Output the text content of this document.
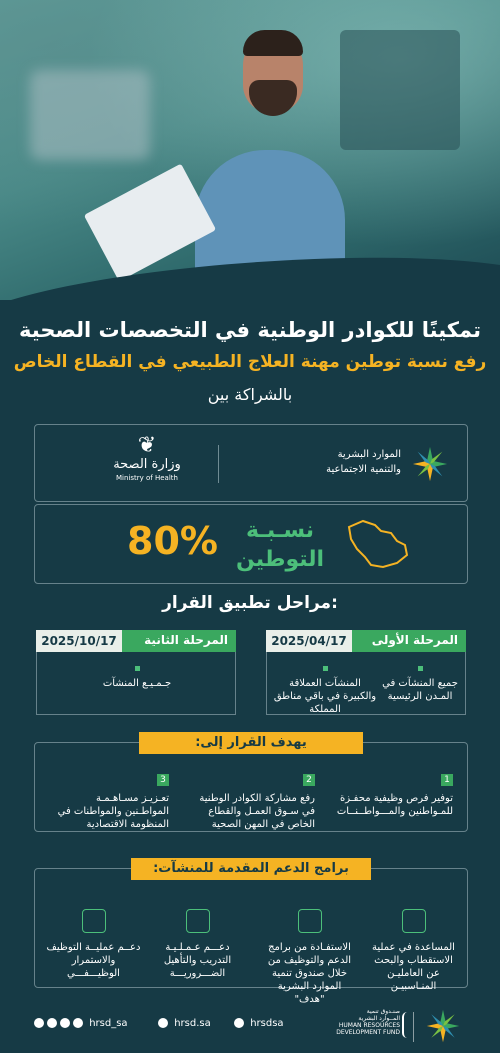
تمكينًا للكوادر الوطنية في التخصصات الصحية
رفع نسبة توطين مهنة العلاج الطبيعي في القطاع الخاص
بالشراكة بين
الموارد البشرية
والتنمية الاجتماعية
❦
وزارة الصحة
Ministry of Health
80%	نسـبـة
التوطين
مراحل تطبيق القرار:
المرحلة الأولى
2025/04/17
جميع المنشآت في المـدن الرئيسية
المنشآت العملاقة والكبيرة في باقي مناطق المملكة
المرحلة الثانية
2025/10/17
جـمـيـع المنشآت
يهدف القرار إلى:
1
توفير فرص وظيفية محفـزة للمـواطنين والمـــواطــنــات
2
رفع مشاركة الكوادر الوطنية في سـوق العمـل والقطاع الخاص في المهن الصحية
3
تعـزيـز مسـاهـمـة المواطـنين والمواطنات في المنظومة الاقتصادية
برامج الدعم المقدمة للمنشآت:
المساعدة في عملية الاستقطاب والبحث عن العامليـن المنـاسبيـن
الاستفـادة من برامج الدعم والتوظيف من خلال صندوق تنمية الموارد البشرية "هدف"
دعـــم عـمـلـيـة التدريب والتأهيل الضـــروريـــة
دعــم عمليــة التوظيف والاستمرار الوظيـــفـــي
hrsd_sa	hrsd.sa	hrsdsa
صنـدوق تنمية
المــوارد البشرية
HUMAN RESOURCES
DEVELOPMENT FUND
